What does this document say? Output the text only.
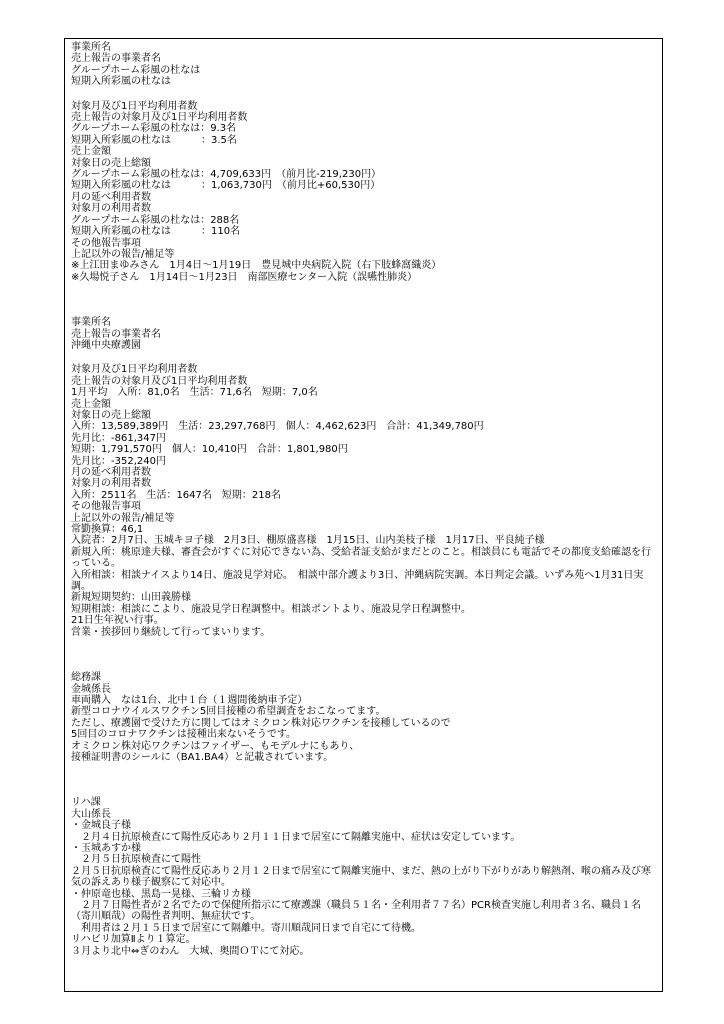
事業所名
売上報告の事業者名
グループホーム彩風の杜なは
短期入所彩風の杜なは
対象月及び1日平均利用者数
売上報告の対象月及び1日平均利用者数
グループホーム彩風の杜なは：9.3名
短期入所彩風の杜なは　　　：3.5名
売上金額
対象日の売上総額
グループホーム彩風の杜なは：4,709,633円　（前月比-219,230円）
短期入所彩風の杜なは　　　：1,063,730円　（前月比+60,530円）
月の延べ利用者数
対象月の利用者数
グループホーム彩風の杜なは：288名
短期入所彩風の杜なは　　　：110名
その他報告事項
上記以外の報告/補足等
※上江田まゆみさん　1月4日～1月19日　豊見城中央病院入院（右下肢蜂窩織炎）
※久場悦子さん　1月14日～1月23日　南部医療センター入院（誤嚥性肺炎）
事業所名
売上報告の事業者名
沖縄中央療護園
対象月及び1日平均利用者数
売上報告の対象月及び1日平均利用者数
1月平均　入所：81,0名　生活：71,6名　短期：7,0名
売上金額
対象日の売上総額
入所：13,589,389円　生活：23,297,768円　個人：4,462,623円　合計：41,349,780円
先月比：-861,347円
短期：1,791,570円　個人：10,410円　合計：1,801,980円
先月比：-352,240円
月の延べ利用者数
対象月の利用者数
入所：2511名　生活：1647名　短期：218名
その他報告事項
上記以外の報告/補足等
常勤換算：46,1
入院者：2月7日、玉城キヨ子様　2月3日、棚原盛喜様　1月15日、山内美枝子様　1月17日、平良純子様
新規入所：桃原達夫様、審査会がすぐに対応できない為、受給者証支給がまだとのこと。相談員にも電話でその都度支給確認を行っている。
入所相談：相談ナイスより14日、施設見学対応。　相談中部介護より3日、沖縄病院実調。本日判定会議。いずみ苑へ1月31日実調。
新規短期契約：山田義勝様
短期相談：相談にこより、施設見学日程調整中。相談ポントより、施設見学日程調整中。
21日生年祝い行事。
営業・挨拶回り継続して行ってまいります。
総務課
金城係長
車両購入　なは1台、北中１台（１週間後納車予定）
新型コロナウイルスワクチン5回目接種の希望調査をおこなってます。
ただし、療護園で受けた方に関してはオミクロン株対応ワクチンを接種しているので
5回目のコロナワクチンは接種出来ないそうです。
オミクロン株対応ワクチンはファイザー、もモデルナにもあり、
接種証明書のシールに（BA1.BA4）と記載されています。
リハ課
大山係長
・金城良子様
　２月４日抗原検査にて陽性反応あり２月１１日まで居室にて隔離実施中、症状は安定しています。
・玉城あすか様
　２月５日抗原検査にて陽性
２月５日抗原検査にて陽性反応あり２月１２日まで居室にて隔離実施中、まだ、熱の上がり下がりがあり解熱剤、喉の痛み及び寒気の訴えあり様子観察にて対応中。
・仲原竜也様、黒島一晃様、三輪リカ様
　２月７日陽性者が２名でたので保健所指示にて療護課（職員５１名・全利用者７７名）PCR検査実施し利用者３名、職員１名（寄川順哉）の陽性者判明、無症状です。
　利用者は２月１５日まで居室にて隔離中。寄川順哉同日まで自宅にて待機。
リハビリ加算Ⅱより１算定。
３月より北中⇔ぎのわん　大城、奥間ＯＴにて対応。
